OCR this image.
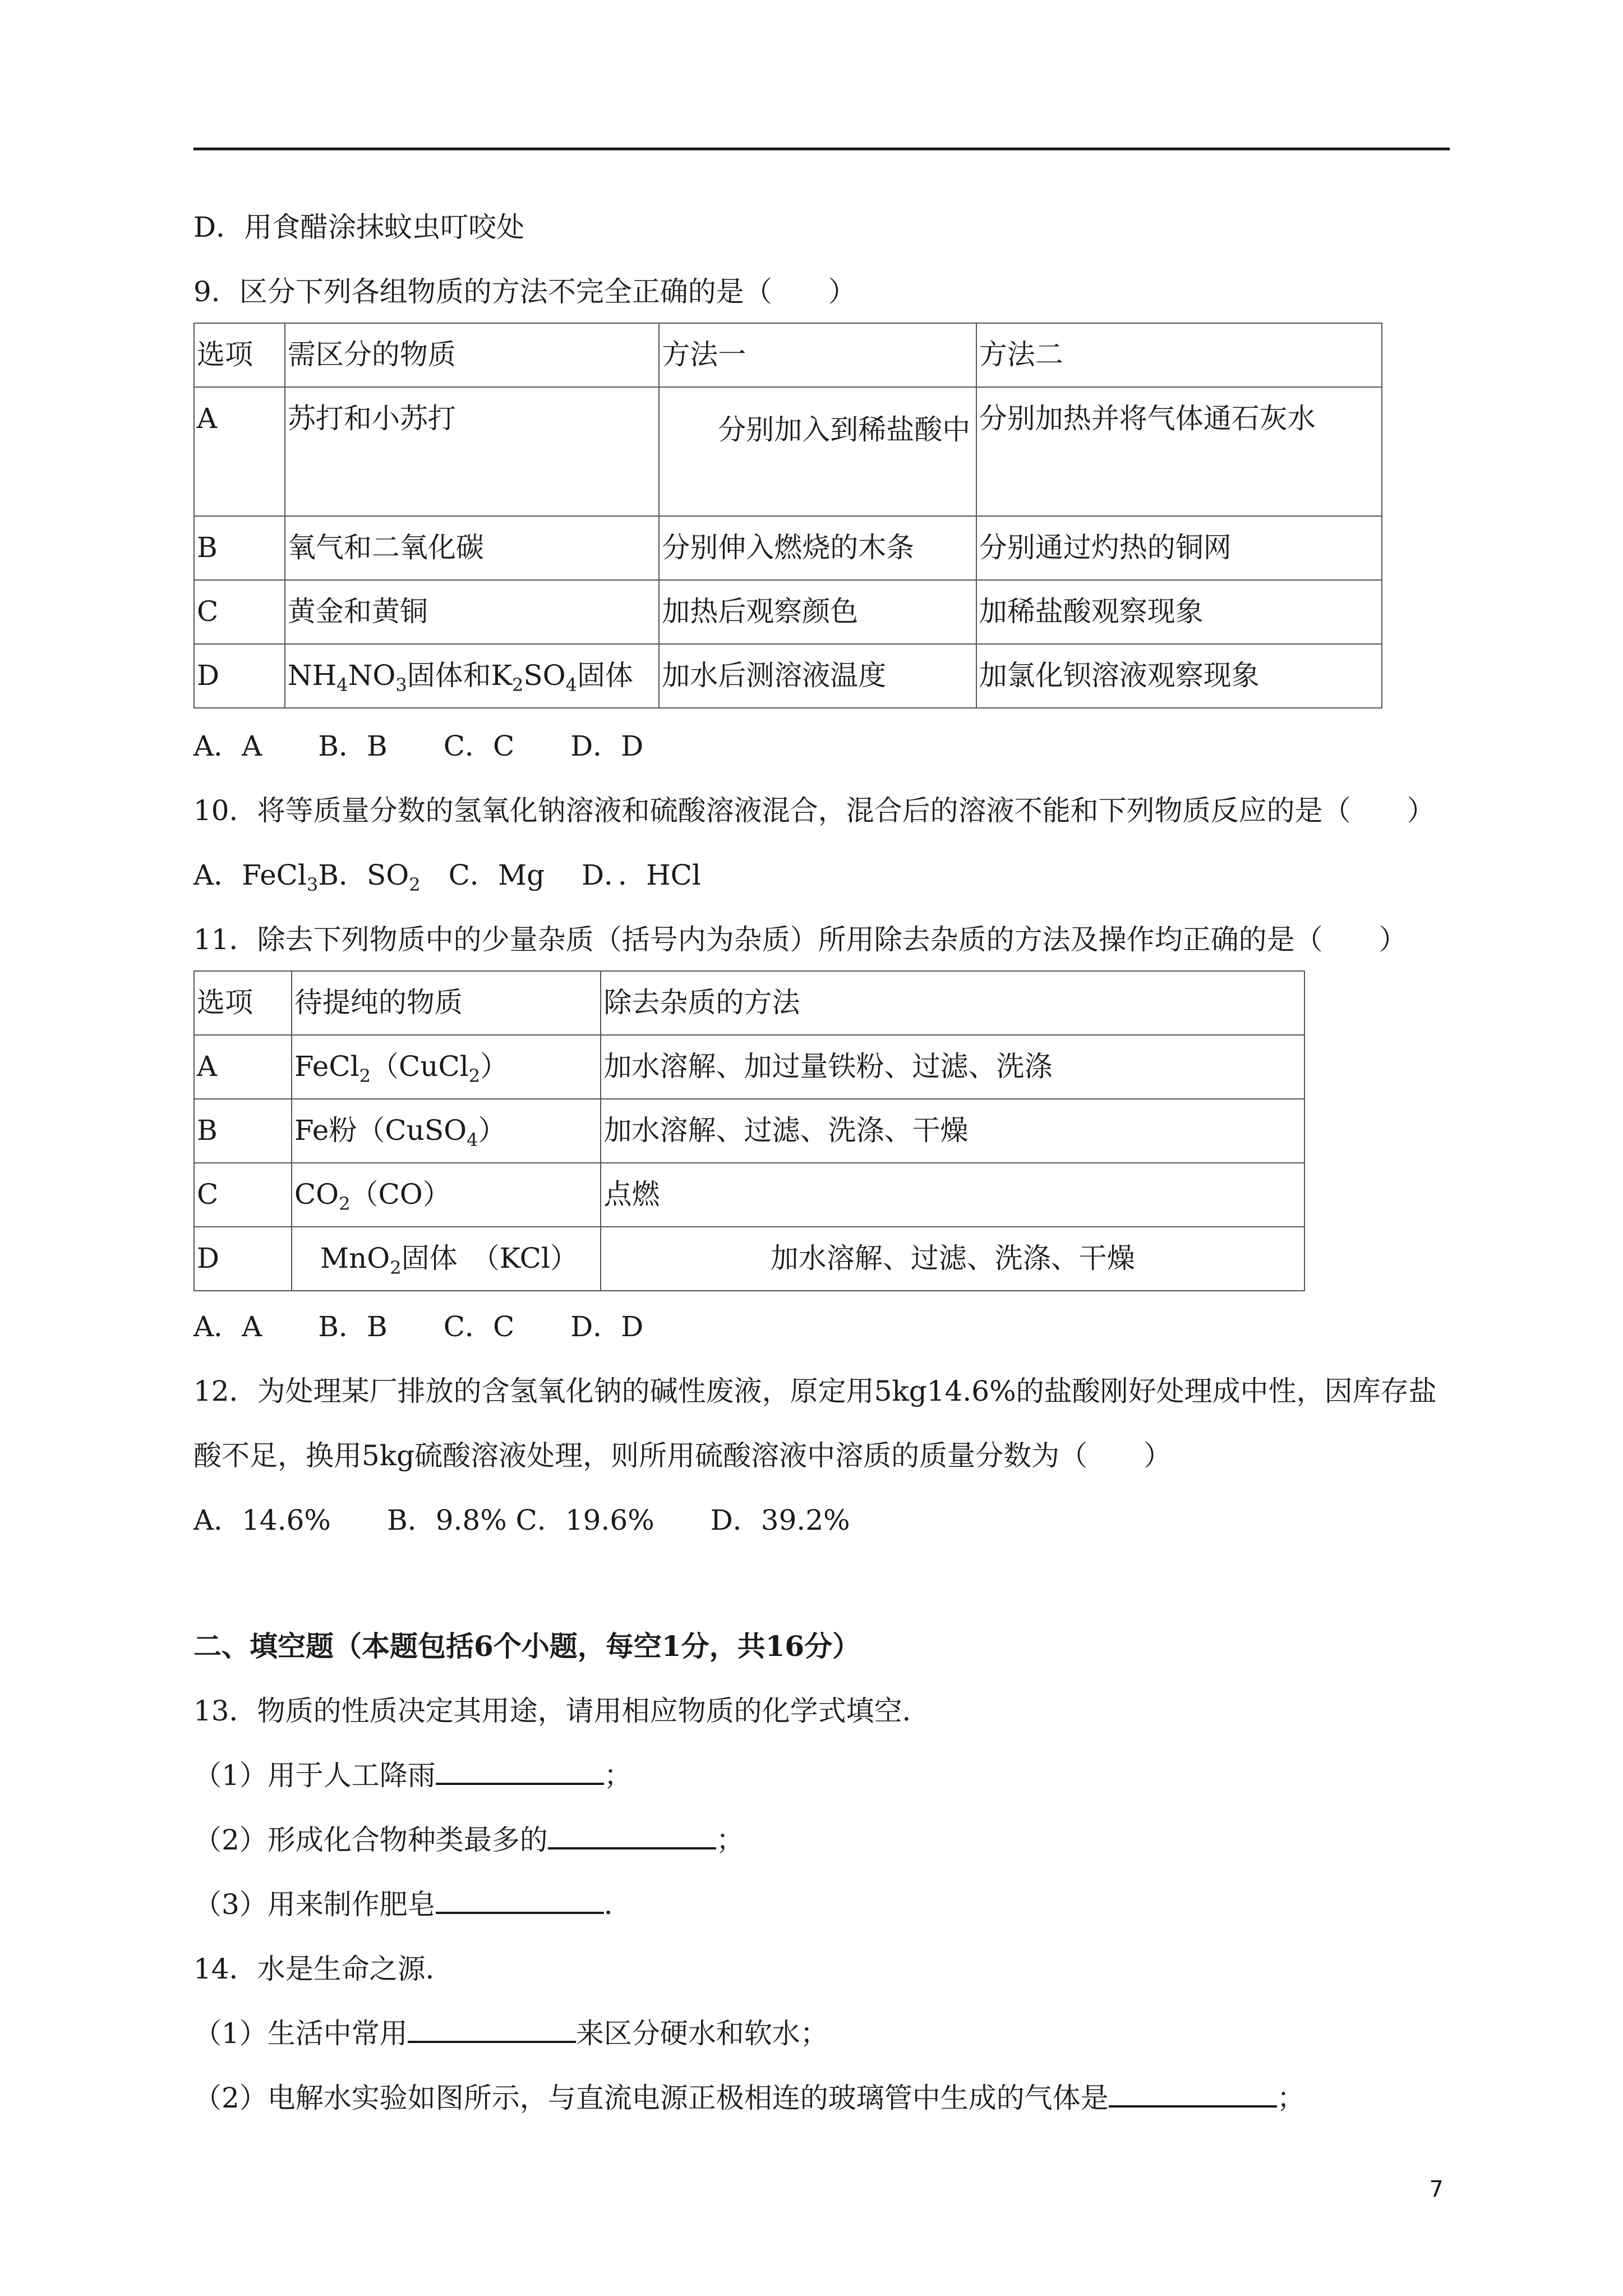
D．用食醋涂抹蚊虫叮咬处
9．区分下列各组物质的方法不完全正确的是（　　）
选项	需区分的物质	方法一	方法二
A	苏打和小苏打	分别加入到稀盐酸中	分别加热并将气体通石灰水
B	氧气和二氧化碳	分别伸入燃烧的木条	分别通过灼热的铜网
C	黄金和黄铜	加热后观察颜色	加稀盐酸观察现象
D	$NH_4NO_3$固体和$K_2SO_4$固体	加水后测溶液温度	加氯化钡溶液观察现象
A．A　　B．B　　C．C　　D．D
10．将等质量分数的氢氧化钠溶液和硫酸溶液混合，混合后的溶液不能和下列物质反应的是（　　）
A．FeCl$_3$B．$SO_2$　C．Mg　 D．．HCl
11．除去下列物质中的少量杂质（括号内为杂质）所用除去杂质的方法及操作均正确的是（　　）
选项	待提纯的物质	除去杂质的方法
A	FeCl$_2$（CuCl$_2$）	加水溶解、加过量铁粉、过滤、洗涤
B	Fe粉（CuSO$_4$）	加水溶解、过滤、洗涤、干燥
C	$CO_2(CO)$	点燃
D	MnO$_2$固体　（KCl）	加水溶解、过滤、洗涤、干燥
A．A　　B．B　　C．C　　D．D
12．为处理某厂排放的含氢氧化钠的碱性废液，原定用5kg14.6%的盐酸刚好处理成中性，因库存盐
酸不足，换用5kg硫酸溶液处理，则所用硫酸溶液中溶质的质量分数为（　　）
A．14.6%　　B．9.8% C．19.6%　　D．39.2%
二、填空题（本题包括6个小题，每空1分，共16分）
13．物质的性质决定其用途，请用相应物质的化学式填空．
（1）用于人工降雨	；
（2）形成化合物种类最多的	；
（3）用来制作肥皂	．
14．水是生命之源．
（1）生活中常用	来区分硬水和软水；
（2）电解水实验如图所示，与直流电源正极相连的玻璃管中生成的气体是	；
7
